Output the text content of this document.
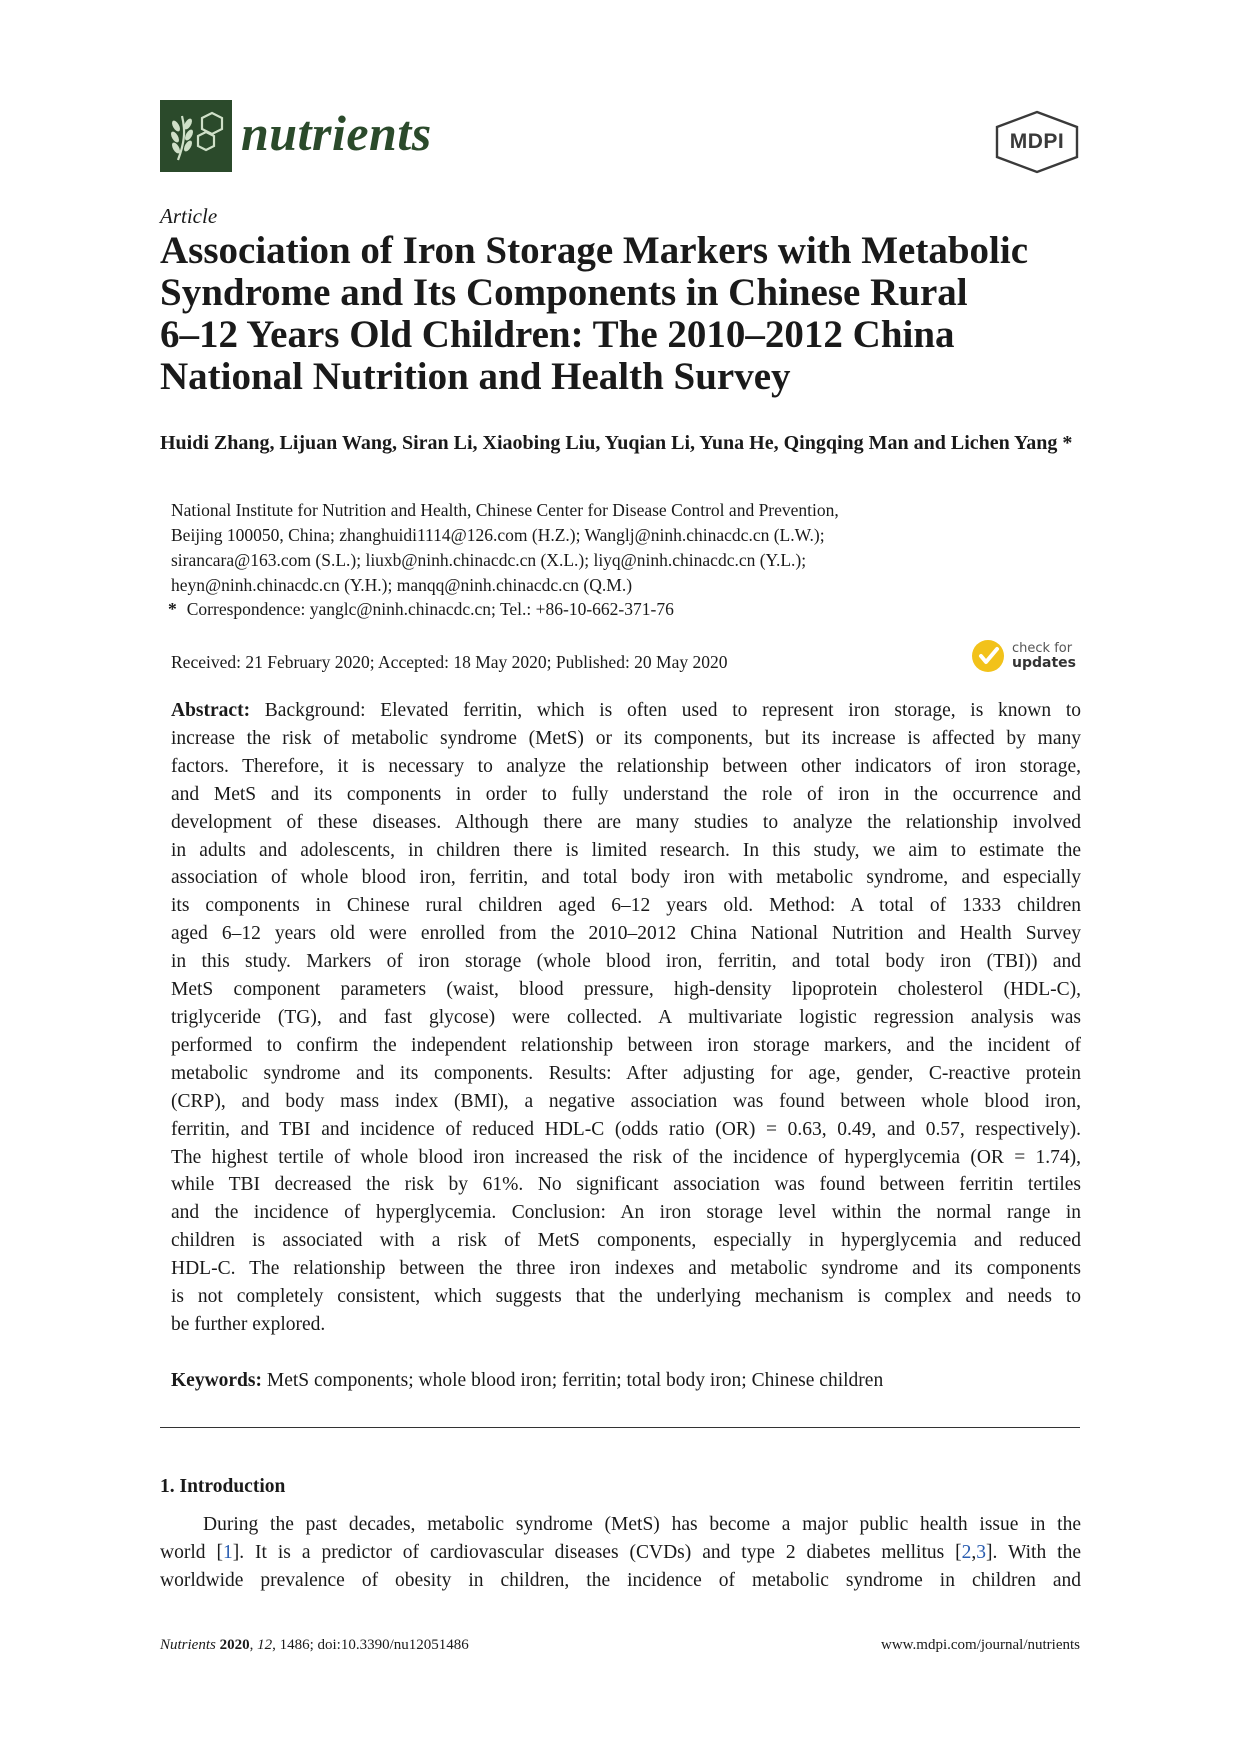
nutrients	MDPI
Article
Association of Iron Storage Markers with Metabolic
Syndrome and Its Components in Chinese Rural
6–12 Years Old Children: The 2010–2012 China
National Nutrition and Health Survey
Huidi Zhang, Lijuan Wang, Siran Li, Xiaobing Liu, Yuqian Li, Yuna He, Qingqing Man and Lichen Yang *
National Institute for Nutrition and Health, Chinese Center for Disease Control and Prevention,
Beijing 100050, China; zhanghuidi1114@126.com (H.Z.); Wanglj@ninh.chinacdc.cn (L.W.);
sirancara@163.com (S.L.); liuxb@ninh.chinacdc.cn (X.L.); liyq@ninh.chinacdc.cn (Y.L.);
heyn@ninh.chinacdc.cn (Y.H.); manqq@ninh.chinacdc.cn (Q.M.)
* Correspondence: yanglc@ninh.chinacdc.cn; Tel.: +86-10-662-371-76
Received: 21 February 2020; Accepted: 18 May 2020; Published: 20 May 2020
check for
updates
Abstract: Background: Elevated ferritin, which is often used to represent iron storage, is known to
increase the risk of metabolic syndrome (MetS) or its components, but its increase is affected by many
factors. Therefore, it is necessary to analyze the relationship between other indicators of iron storage,
and MetS and its components in order to fully understand the role of iron in the occurrence and
development of these diseases. Although there are many studies to analyze the relationship involved
in adults and adolescents, in children there is limited research. In this study, we aim to estimate the
association of whole blood iron, ferritin, and total body iron with metabolic syndrome, and especially
its components in Chinese rural children aged 6–12 years old. Method: A total of 1333 children
aged 6–12 years old were enrolled from the 2010–2012 China National Nutrition and Health Survey
in this study. Markers of iron storage (whole blood iron, ferritin, and total body iron (TBI)) and
MetS component parameters (waist, blood pressure, high-density lipoprotein cholesterol (HDL-C),
triglyceride (TG), and fast glycose) were collected. A multivariate logistic regression analysis was
performed to confirm the independent relationship between iron storage markers, and the incident of
metabolic syndrome and its components. Results: After adjusting for age, gender, C-reactive protein
(CRP), and body mass index (BMI), a negative association was found between whole blood iron,
ferritin, and TBI and incidence of reduced HDL-C (odds ratio (OR) = 0.63, 0.49, and 0.57, respectively).
The highest tertile of whole blood iron increased the risk of the incidence of hyperglycemia (OR = 1.74),
while TBI decreased the risk by 61%. No significant association was found between ferritin tertiles
and the incidence of hyperglycemia. Conclusion: An iron storage level within the normal range in
children is associated with a risk of MetS components, especially in hyperglycemia and reduced
HDL-C. The relationship between the three iron indexes and metabolic syndrome and its components
is not completely consistent, which suggests that the underlying mechanism is complex and needs to
be further explored.
Keywords: MetS components; whole blood iron; ferritin; total body iron; Chinese children
1. Introduction
During the past decades, metabolic syndrome (MetS) has become a major public health issue in the
world [1]. It is a predictor of cardiovascular diseases (CVDs) and type 2 diabetes mellitus [2,3]. With the
worldwide prevalence of obesity in children, the incidence of metabolic syndrome in children and
Nutrients 2020, 12, 1486; doi:10.3390/nu12051486	www.mdpi.com/journal/nutrients
